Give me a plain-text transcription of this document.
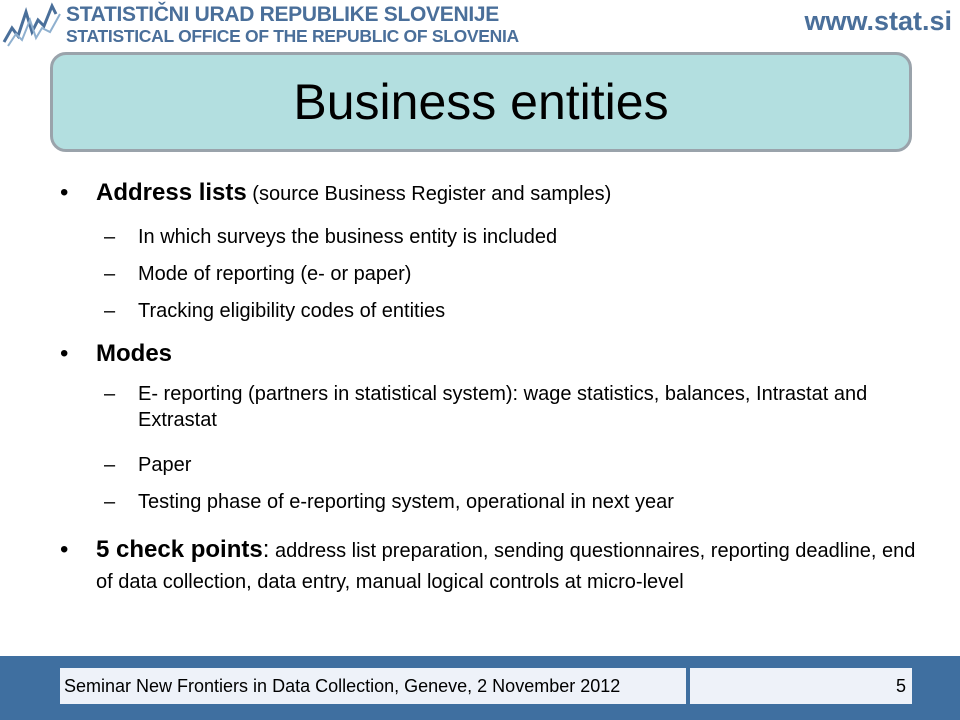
STATISTIČNI URAD REPUBLIKE SLOVENIJE
STATISTICAL OFFICE OF THE REPUBLIC OF SLOVENIA	www.stat.si
Business entities
• Address lists (source Business Register and samples)
– In which surveys the business entity is included
– Mode of reporting (e- or paper)
– Tracking eligibility codes of entities
• Modes
– E- reporting (partners in statistical system): wage statistics, balances, Intrastat and Extrastat
– Paper
– Testing phase of e-reporting system, operational in next year
• 5 check points: address list preparation, sending questionnaires, reporting deadline, end of data collection, data entry, manual logical controls at micro-level
Seminar New Frontiers in Data Collection, Geneve, 2 November 2012	5
